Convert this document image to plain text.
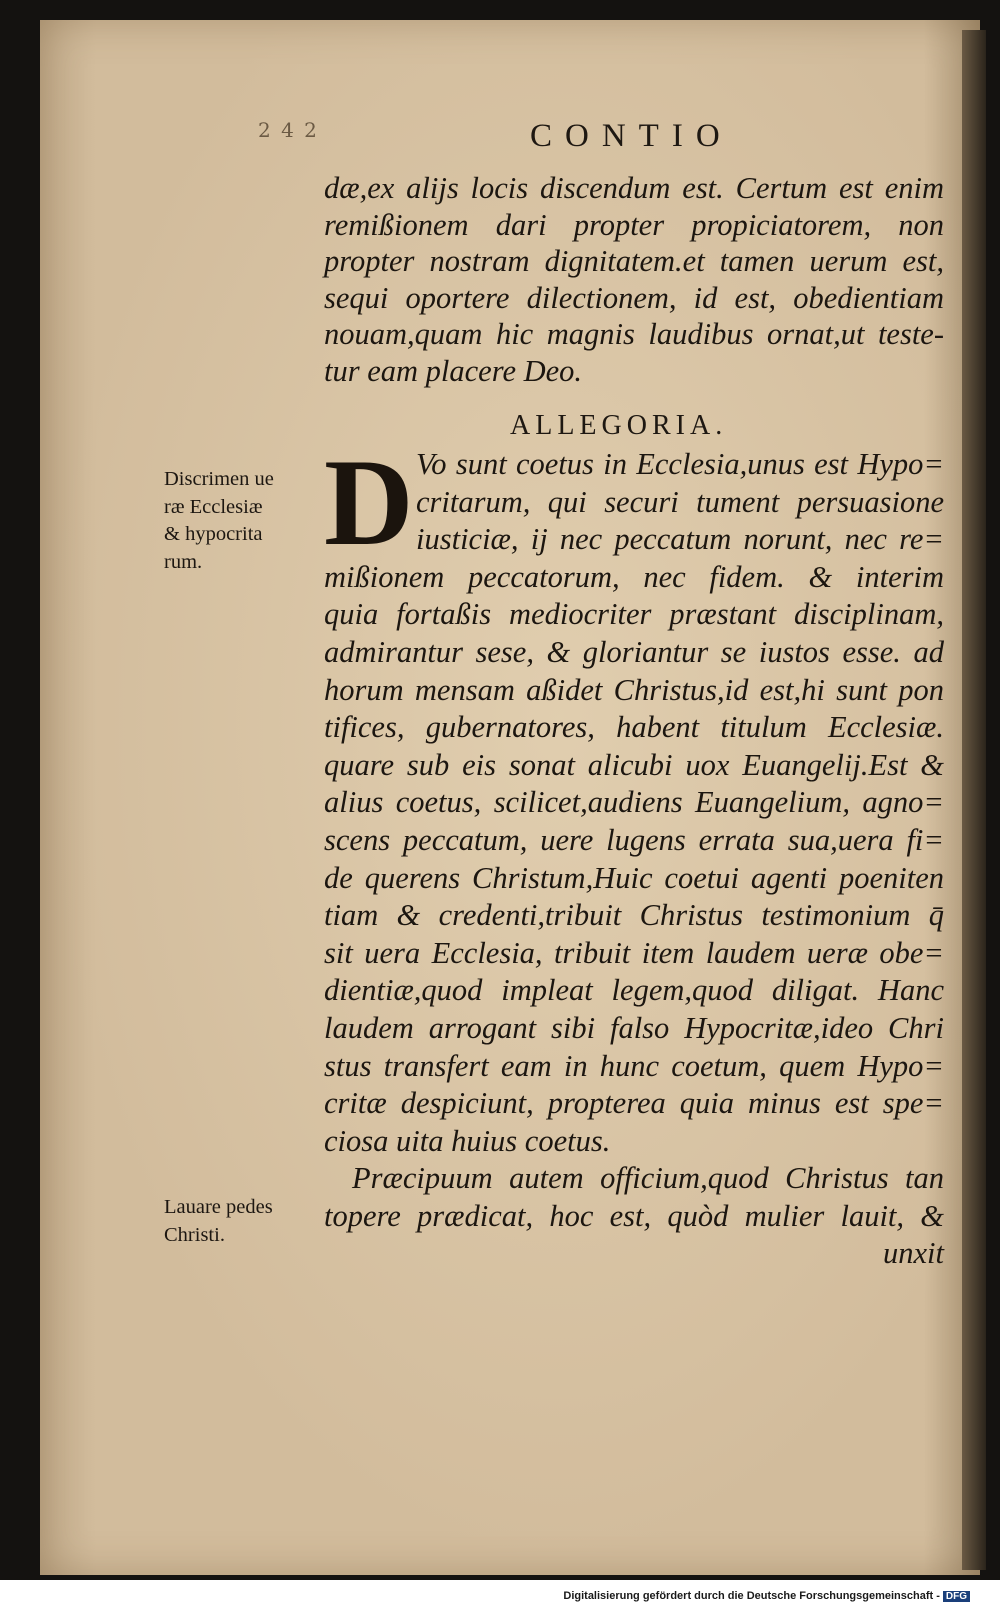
2 4 2	CONTIO
dæ,ex alijs locis discendum est. Certum est enim
remißionem dari propter propiciatorem, non
propter nostram dignitatem.et tamen uerum est,
sequi oportere dilectionem, id est, obedientiam
nouam,quam hic magnis laudibus ornat,ut teste-
tur eam placere Deo.
ALLEGORIA.
D Vo sunt coetus in Ecclesia,unus est Hypo=
critarum, qui securi tument persuasione
iusticiæ, ij nec peccatum norunt, nec re=
mißionem peccatorum, nec fidem. & interim
quia fortaßis mediocriter præstant disciplinam,
admirantur sese, & gloriantur se iustos esse. ad
horum mensam aßidet Christus,id est,hi sunt pon
tifices, gubernatores, habent titulum Ecclesiæ.
quare sub eis sonat alicubi uox Euangelij.Est &
alius coetus, scilicet,audiens Euangelium, agno=
scens peccatum, uere lugens errata sua,uera fi=
de querens Christum,Huic coetui agenti poeniten
tiam & credenti,tribuit Christus testimonium q̄
sit uera Ecclesia, tribuit item laudem ueræ obe=
dientiæ,quod impleat legem,quod diligat. Hanc
laudem arrogant sibi falso Hypocritæ,ideo Chri
stus transfert eam in hunc coetum, quem Hypo=
critæ despiciunt, propterea quia minus est spe=
ciosa uita huius coetus.
Præcipuum autem officium,quod Christus tan
topere prædicat, hoc est, quòd mulier lauit, &
unxit
Discrimen ue
ræ Ecclesiæ
& hypocrita
rum.
Lauare pedes
Christi.
Digitalisierung gefördert durch die Deutsche Forschungsgemeinschaft - DFG
